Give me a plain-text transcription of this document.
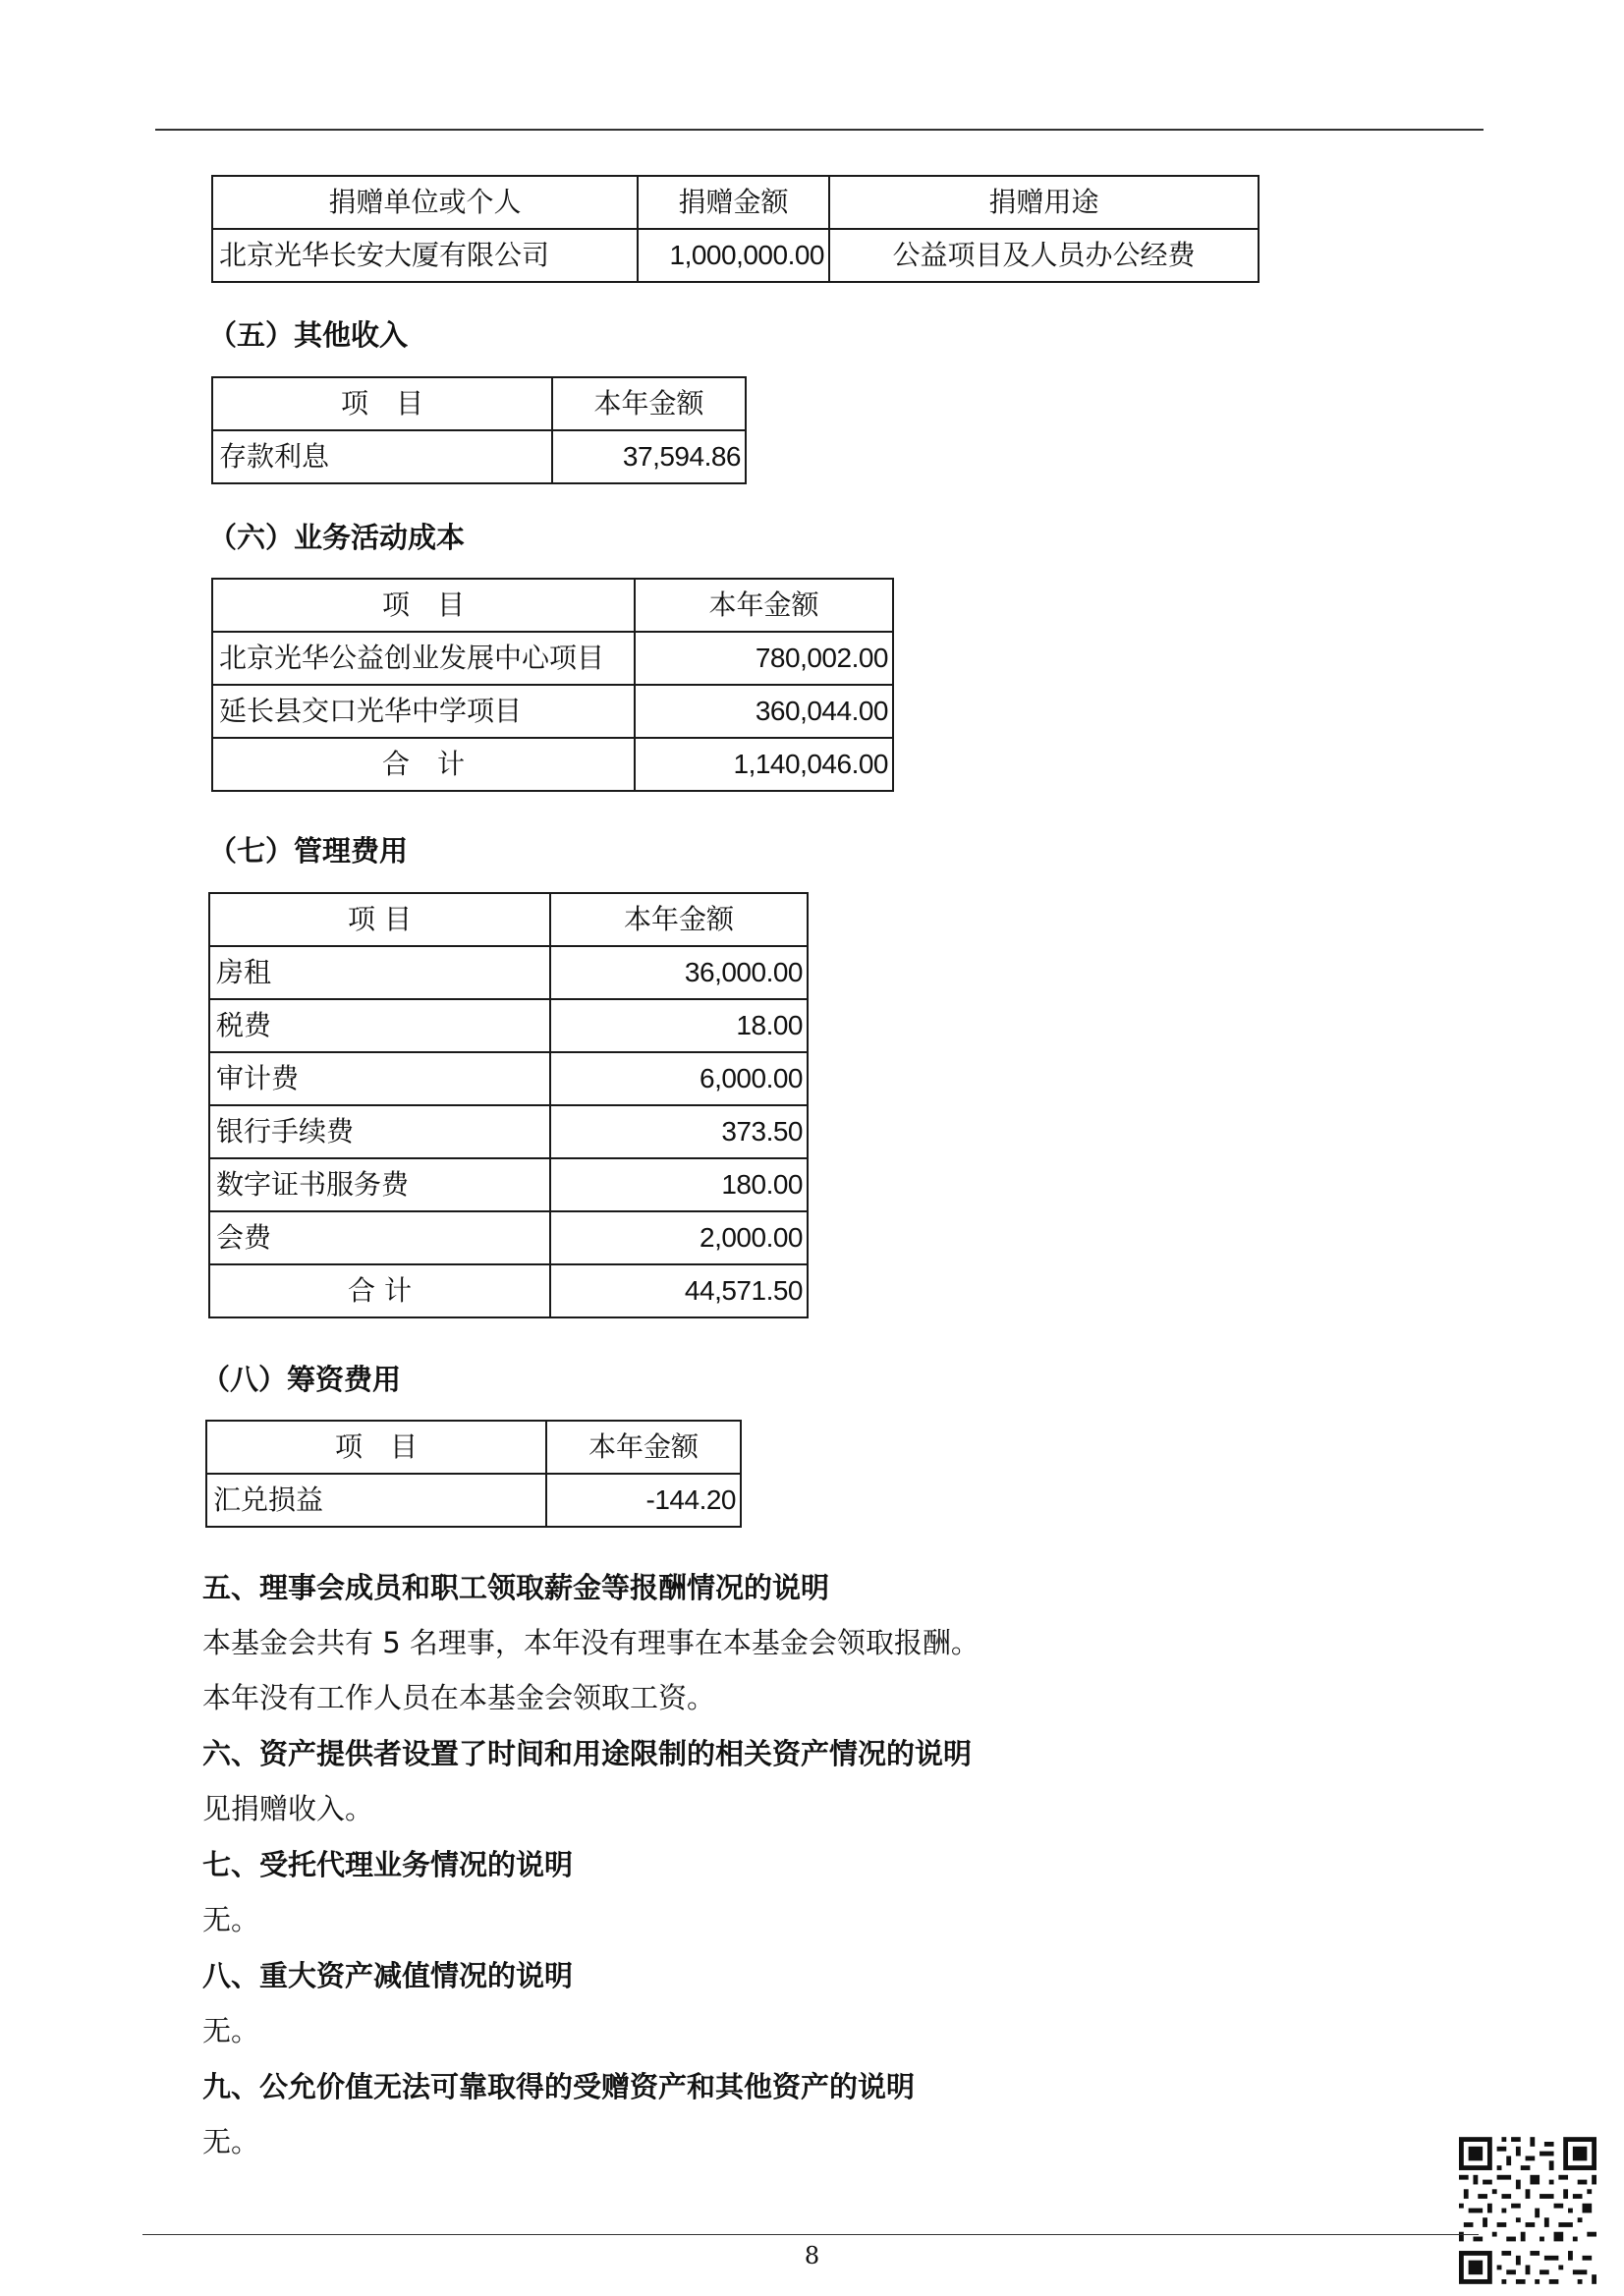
捐赠单位或个人	捐赠金额	捐赠用途
北京光华长安大厦有限公司	1,000,000.00	公益项目及人员办公经费
（五）其他收入
项　目	本年金额
存款利息	37,594.86
（六）业务活动成本
项　目	本年金额
北京光华公益创业发展中心项目	780,002.00
延长县交口光华中学项目	360,044.00
合　计	1,140,046.00
（七）管理费用
项 目	本年金额
房租	36,000.00
税费	18.00
审计费	6,000.00
银行手续费	373.50
数字证书服务费	180.00
会费	2,000.00
合 计	44,571.50
（八）筹资费用
项　目	本年金额
汇兑损益	-144.20
五、理事会成员和职工领取薪金等报酬情况的说明
本基金会共有 5 名理事，本年没有理事在本基金会领取报酬。
本年没有工作人员在本基金会领取工资。
六、资产提供者设置了时间和用途限制的相关资产情况的说明
见捐赠收入。
七、受托代理业务情况的说明
无。
八、重大资产减值情况的说明
无。
九、公允价值无法可靠取得的受赠资产和其他资产的说明
无。
8
